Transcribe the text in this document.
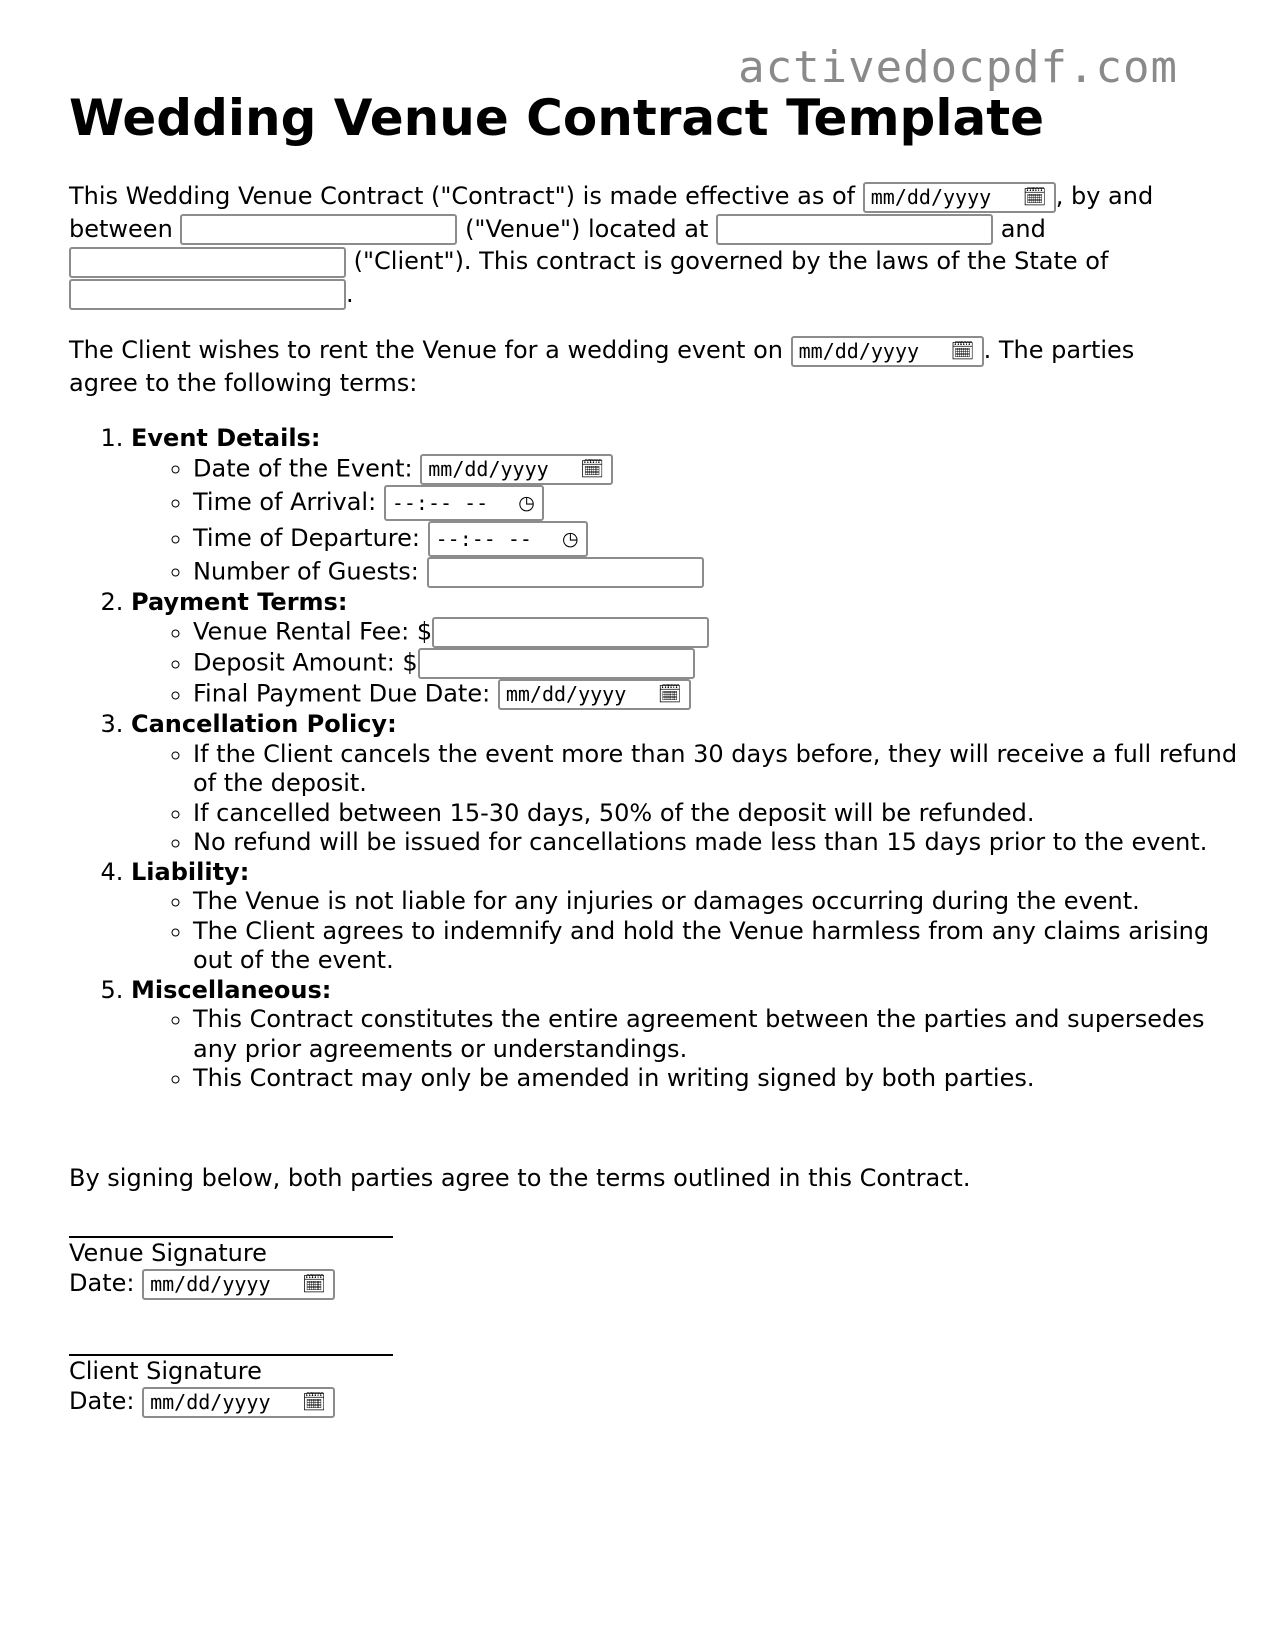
activedocpdf.com
Wedding Venue Contract Template

This Wedding Venue Contract ("Contract") is made effective as of mm/dd/yyyy 🗓 , by and between	("Venue") located at	and  ("Client"). This contract is governed by the laws of the State of .

The Client wishes to rent the Venue for a wedding event on mm/dd/yyyy 🗓 . The parties agree to the following terms:

1. Event Details:
◦ Date of the Event: mm/dd/yyyy 🗓
◦ Time of Arrival: --:-- -- ◷
◦ Time of Departure: --:-- -- ◷
◦ Number of Guests:
2. Payment Terms:
◦ Venue Rental Fee: $
◦ Deposit Amount: $
◦ Final Payment Due Date: mm/dd/yyyy 🗓
3. Cancellation Policy:
◦ If the Client cancels the event more than 30 days before, they will receive a full refund of the deposit.
◦ If cancelled between 15-30 days, 50% of the deposit will be refunded.
◦ No refund will be issued for cancellations made less than 15 days prior to the event.
4. Liability:
◦ The Venue is not liable for any injuries or damages occurring during the event.
◦ The Client agrees to indemnify and hold the Venue harmless from any claims arising out of the event.
5. Miscellaneous:
◦ This Contract constitutes the entire agreement between the parties and supersedes any prior agreements or understandings.
◦ This Contract may only be amended in writing signed by both parties.

By signing below, both parties agree to the terms outlined in this Contract.

Venue Signature
Date: mm/dd/yyyy 🗓
Client Signature
Date: mm/dd/yyyy 🗓
